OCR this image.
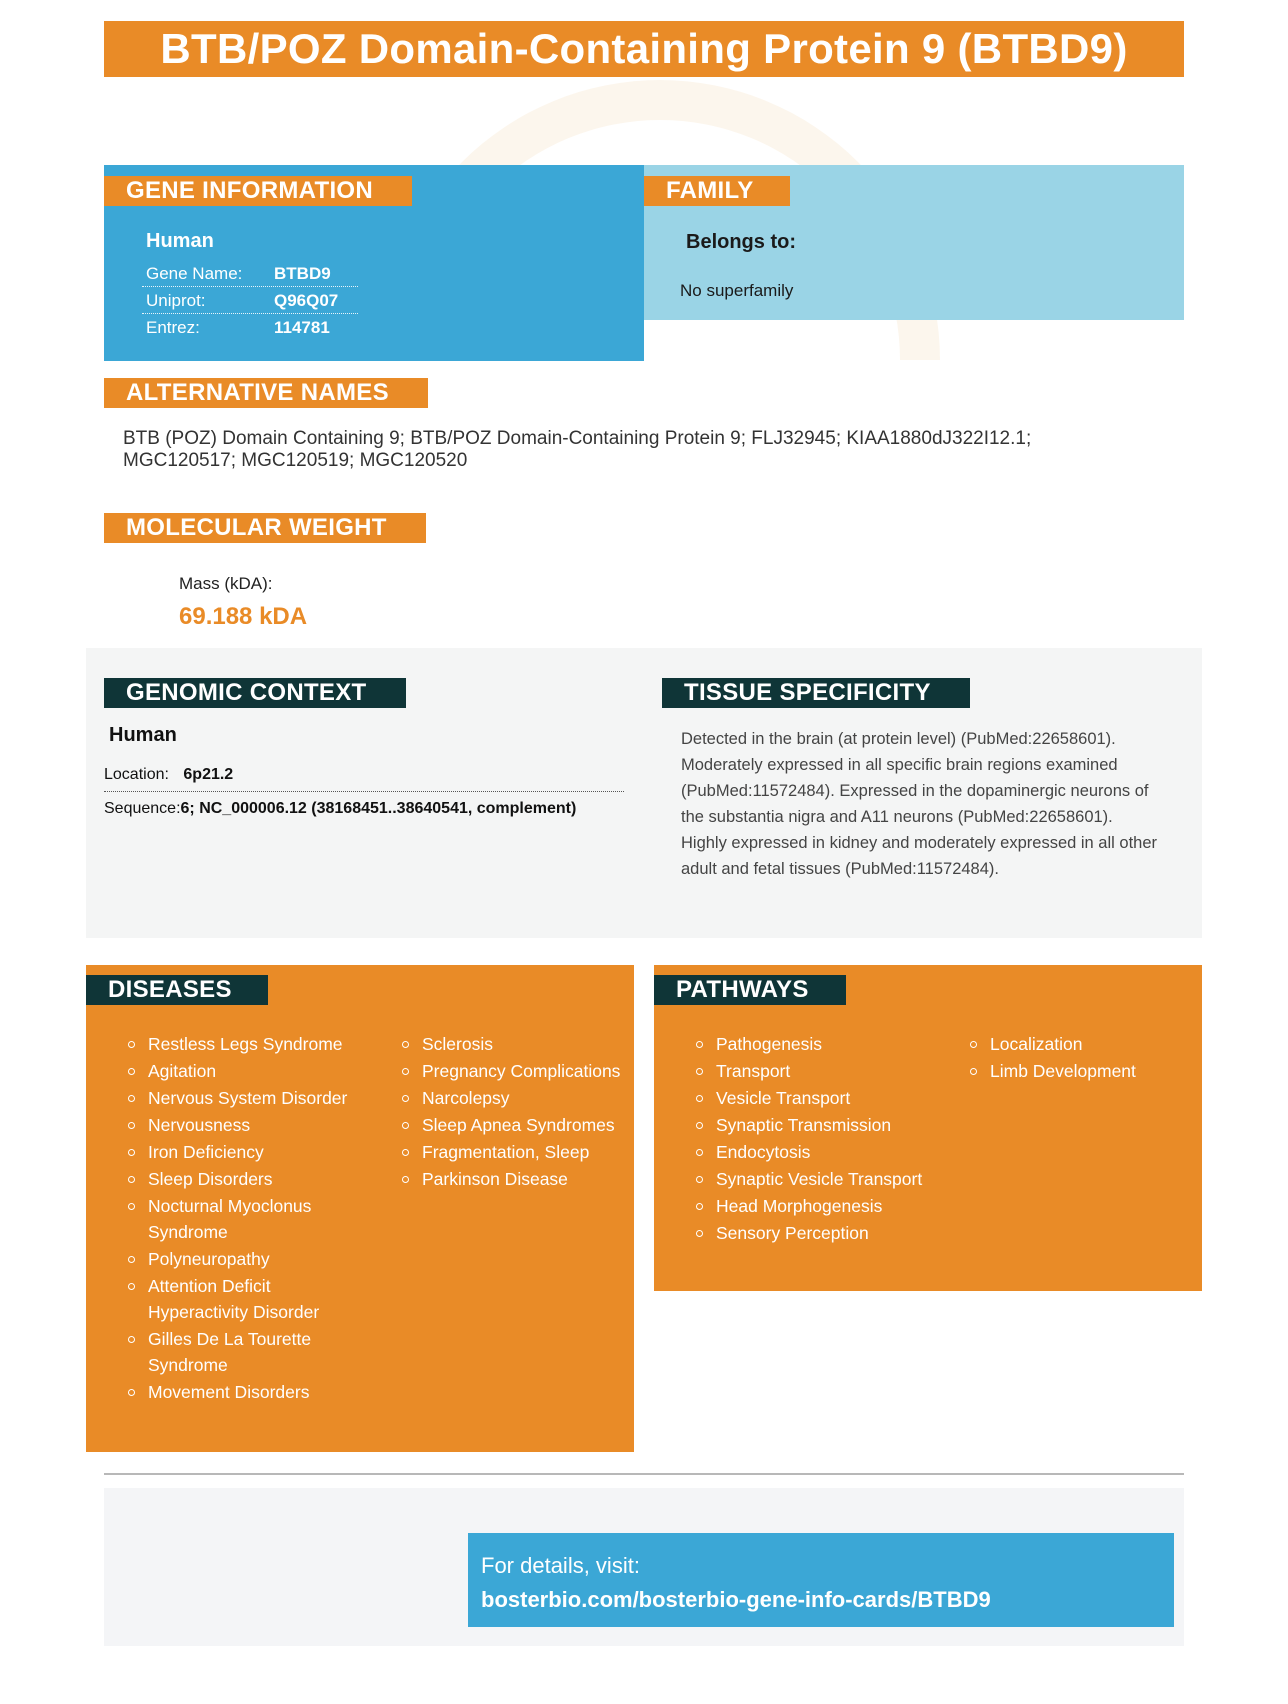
BTB/POZ Domain-Containing Protein 9 (BTBD9)
GENE INFORMATION
Human
Gene Name: BTBD9
Uniprot:	Q96Q07
Entrez:	114781
FAMILY
Belongs to:
No superfamily
ALTERNATIVE NAMES
BTB (POZ) Domain Containing 9; BTB/POZ Domain-Containing Protein 9; FLJ32945; KIAA1880dJ322I12.1; MGC120517; MGC120519; MGC120520
MOLECULAR WEIGHT
Mass (kDA):
69.188 kDA
GENOMIC CONTEXT
Human
Location: 6p21.2
Sequence:6; NC_000006.12 (38168451..38640541, complement)
TISSUE SPECIFICITY
Detected in the brain (at protein level) (PubMed:22658601). Moderately expressed in all specific brain regions examined (PubMed:11572484). Expressed in the dopaminergic neurons of the substantia nigra and A11 neurons (PubMed:22658601). Highly expressed in kidney and moderately expressed in all other adult and fetal tissues (PubMed:11572484).
DISEASES
Restless Legs Syndrome
Agitation
Nervous System Disorder
Nervousness
Iron Deficiency
Sleep Disorders
Nocturnal Myoclonus Syndrome
Polyneuropathy
Attention Deficit Hyperactivity Disorder
Gilles De La Tourette Syndrome
Movement Disorders
Sclerosis
Pregnancy Complications
Narcolepsy
Sleep Apnea Syndromes
Fragmentation, Sleep
Parkinson Disease
PATHWAYS
Pathogenesis
Transport
Vesicle Transport
Synaptic Transmission
Endocytosis
Synaptic Vesicle Transport
Head Morphogenesis
Sensory Perception
Localization
Limb Development
For details, visit:
bosterbio.com/bosterbio-gene-info-cards/BTBD9
